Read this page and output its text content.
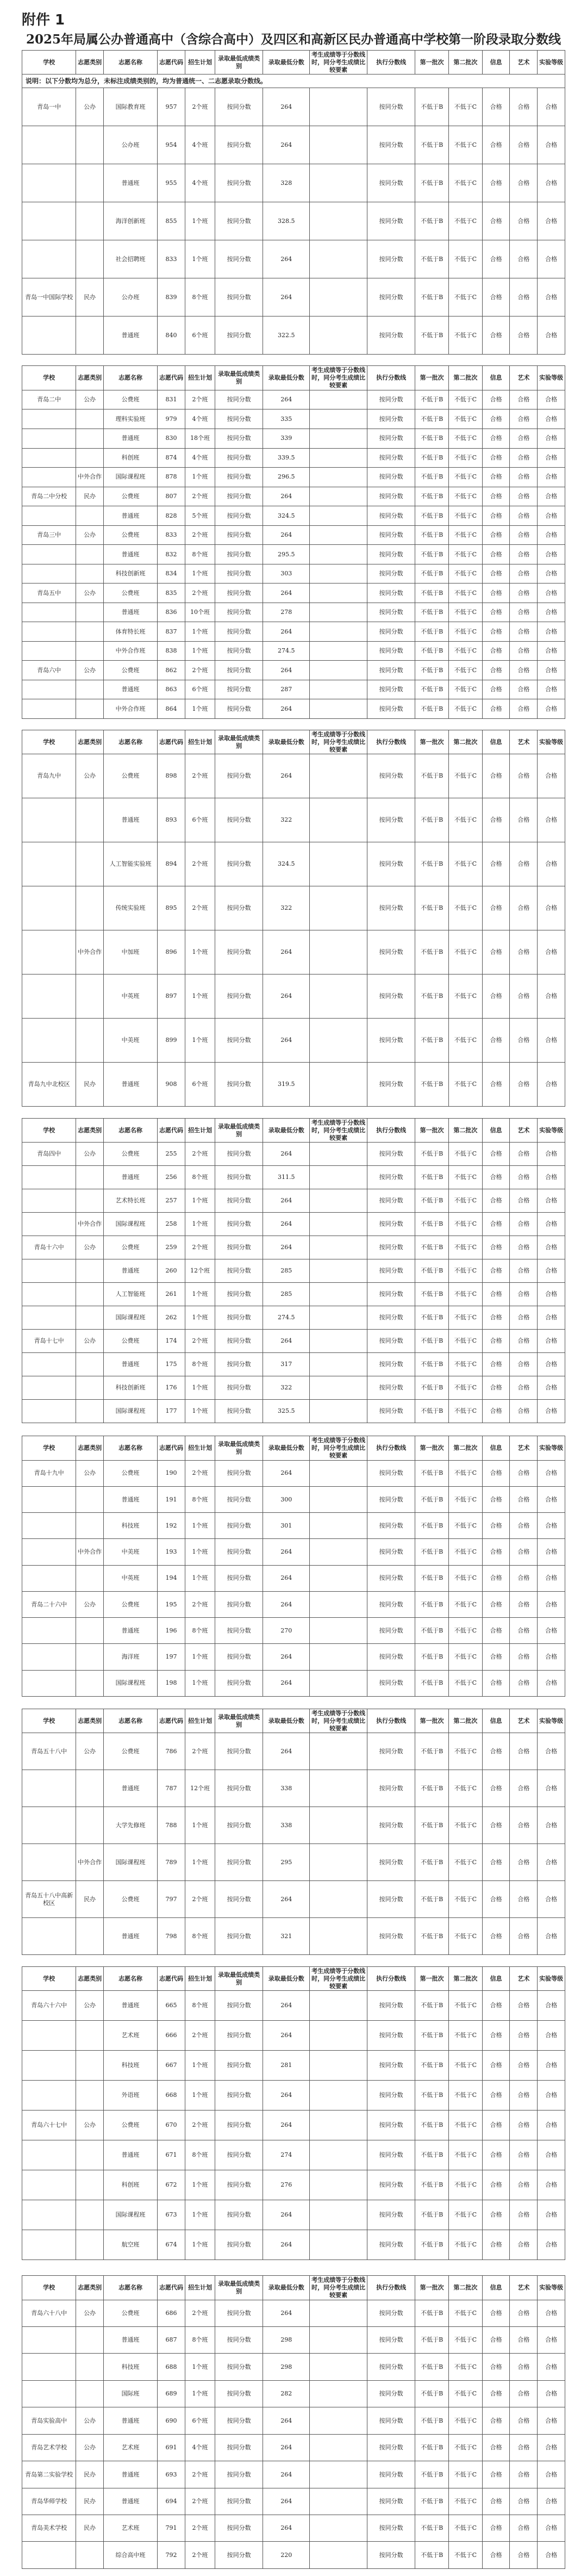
附件 1
2025年局属公办普通高中（含综合高中）及四区和高新区民办普通高中学校第一阶段录取分数线
学校	志愿类别	志愿名称	志愿代码	招生计划	录取最低成绩类别	录取最低分数	考生成绩等于分数线时，同分考生成绩比较要素	执行分数线	第一批次	第二批次	信息	艺术	实验等级
说明：以下分数均为总分，未标注成绩类别的，均为普通统一、二志愿录取分数线。													
青岛一中	公办	国际教育班	957	2个班	按同分数	264		按同分数	不低于B	不低于C	合格	合格	合格
		公办班	954	4个班	按同分数	264		按同分数	不低于B	不低于C	合格	合格	合格
		普通班	955	4个班	按同分数	328		按同分数	不低于B	不低于C	合格	合格	合格
		海洋创新班	855	1个班	按同分数	328.5		按同分数	不低于B	不低于C	合格	合格	合格
		社会招聘班	833	1个班	按同分数	264		按同分数	不低于B	不低于C	合格	合格	合格
青岛一中国际学校	民办	公办班	839	8个班	按同分数	264		按同分数	不低于B	不低于C	合格	合格	合格
		普通班	840	6个班	按同分数	322.5		按同分数	不低于B	不低于C	合格	合格	合格
学校	志愿类别	志愿名称	志愿代码	招生计划	录取最低成绩类别	录取最低分数	考生成绩等于分数线时，同分考生成绩比较要素	执行分数线	第一批次	第二批次	信息	艺术	实验等级
青岛二中	公办	公费班	831	2个班	按同分数	264		按同分数	不低于B	不低于C	合格	合格	合格
		理科实验班	979	4个班	按同分数	335		按同分数	不低于B	不低于C	合格	合格	合格
		普通班	830	18个班	按同分数	339		按同分数	不低于B	不低于C	合格	合格	合格
		科创班	874	4个班	按同分数	339.5		按同分数	不低于B	不低于C	合格	合格	合格
	中外合作	国际课程班	878	1个班	按同分数	296.5		按同分数	不低于B	不低于C	合格	合格	合格
青岛二中分校	民办	公费班	807	2个班	按同分数	264		按同分数	不低于B	不低于C	合格	合格	合格
		普通班	828	5个班	按同分数	324.5		按同分数	不低于B	不低于C	合格	合格	合格
青岛三中	公办	公费班	833	2个班	按同分数	264		按同分数	不低于B	不低于C	合格	合格	合格
		普通班	832	8个班	按同分数	295.5		按同分数	不低于B	不低于C	合格	合格	合格
		科技创新班	834	1个班	按同分数	303		按同分数	不低于B	不低于C	合格	合格	合格
青岛五中	公办	公费班	835	2个班	按同分数	264		按同分数	不低于B	不低于C	合格	合格	合格
		普通班	836	10个班	按同分数	278		按同分数	不低于B	不低于C	合格	合格	合格
		体育特长班	837	1个班	按同分数	264		按同分数	不低于B	不低于C	合格	合格	合格
		中外合作班	838	1个班	按同分数	274.5		按同分数	不低于B	不低于C	合格	合格	合格
青岛六中	公办	公费班	862	2个班	按同分数	264		按同分数	不低于B	不低于C	合格	合格	合格
		普通班	863	6个班	按同分数	287		按同分数	不低于B	不低于C	合格	合格	合格
		中外合作班	864	1个班	按同分数	264		按同分数	不低于B	不低于C	合格	合格	合格
学校	志愿类别	志愿名称	志愿代码	招生计划	录取最低成绩类别	录取最低分数	考生成绩等于分数线时，同分考生成绩比较要素	执行分数线	第一批次	第二批次	信息	艺术	实验等级
青岛九中	公办	公费班	898	2个班	按同分数	264		按同分数	不低于B	不低于C	合格	合格	合格
		普通班	893	6个班	按同分数	322		按同分数	不低于B	不低于C	合格	合格	合格
		人工智能实验班	894	2个班	按同分数	324.5		按同分数	不低于B	不低于C	合格	合格	合格
		传统实验班	895	2个班	按同分数	322		按同分数	不低于B	不低于C	合格	合格	合格
	中外合作	中加班	896	1个班	按同分数	264		按同分数	不低于B	不低于C	合格	合格	合格
		中英班	897	1个班	按同分数	264		按同分数	不低于B	不低于C	合格	合格	合格
		中美班	899	1个班	按同分数	264		按同分数	不低于B	不低于C	合格	合格	合格
青岛九中北校区	民办	普通班	908	6个班	按同分数	319.5		按同分数	不低于B	不低于C	合格	合格	合格
学校	志愿类别	志愿名称	志愿代码	招生计划	录取最低成绩类别	录取最低分数	考生成绩等于分数线时，同分考生成绩比较要素	执行分数线	第一批次	第二批次	信息	艺术	实验等级
青岛四中	公办	公费班	255	2个班	按同分数	264		按同分数	不低于B	不低于C	合格	合格	合格
		普通班	256	8个班	按同分数	311.5		按同分数	不低于B	不低于C	合格	合格	合格
		艺术特长班	257	1个班	按同分数	264		按同分数	不低于B	不低于C	合格	合格	合格
	中外合作	国际课程班	258	1个班	按同分数	264		按同分数	不低于B	不低于C	合格	合格	合格
青岛十六中	公办	公费班	259	2个班	按同分数	264		按同分数	不低于B	不低于C	合格	合格	合格
		普通班	260	12个班	按同分数	285		按同分数	不低于B	不低于C	合格	合格	合格
		人工智能班	261	1个班	按同分数	285		按同分数	不低于B	不低于C	合格	合格	合格
		国际课程班	262	1个班	按同分数	274.5		按同分数	不低于B	不低于C	合格	合格	合格
青岛十七中	公办	公费班	174	2个班	按同分数	264		按同分数	不低于B	不低于C	合格	合格	合格
		普通班	175	8个班	按同分数	317		按同分数	不低于B	不低于C	合格	合格	合格
		科技创新班	176	1个班	按同分数	322		按同分数	不低于B	不低于C	合格	合格	合格
		国际课程班	177	1个班	按同分数	325.5		按同分数	不低于B	不低于C	合格	合格	合格
学校	志愿类别	志愿名称	志愿代码	招生计划	录取最低成绩类别	录取最低分数	考生成绩等于分数线时，同分考生成绩比较要素	执行分数线	第一批次	第二批次	信息	艺术	实验等级
青岛十九中	公办	公费班	190	2个班	按同分数	264		按同分数	不低于B	不低于C	合格	合格	合格
		普通班	191	8个班	按同分数	300		按同分数	不低于B	不低于C	合格	合格	合格
		科技班	192	1个班	按同分数	301		按同分数	不低于B	不低于C	合格	合格	合格
	中外合作	中美班	193	1个班	按同分数	264		按同分数	不低于B	不低于C	合格	合格	合格
		中英班	194	1个班	按同分数	264		按同分数	不低于B	不低于C	合格	合格	合格
青岛二十六中	公办	公费班	195	2个班	按同分数	264		按同分数	不低于B	不低于C	合格	合格	合格
		普通班	196	8个班	按同分数	270		按同分数	不低于B	不低于C	合格	合格	合格
		海洋班	197	1个班	按同分数	264		按同分数	不低于B	不低于C	合格	合格	合格
		国际课程班	198	1个班	按同分数	264		按同分数	不低于B	不低于C	合格	合格	合格
学校	志愿类别	志愿名称	志愿代码	招生计划	录取最低成绩类别	录取最低分数	考生成绩等于分数线时，同分考生成绩比较要素	执行分数线	第一批次	第二批次	信息	艺术	实验等级
青岛五十八中	公办	公费班	786	2个班	按同分数	264		按同分数	不低于B	不低于C	合格	合格	合格
		普通班	787	12个班	按同分数	338		按同分数	不低于B	不低于C	合格	合格	合格
		大学先修班	788	1个班	按同分数	338		按同分数	不低于B	不低于C	合格	合格	合格
	中外合作	国际课程班	789	1个班	按同分数	295		按同分数	不低于B	不低于C	合格	合格	合格
青岛五十八中高新校区	民办	公费班	797	2个班	按同分数	264		按同分数	不低于B	不低于C	合格	合格	合格
		普通班	798	8个班	按同分数	321		按同分数	不低于B	不低于C	合格	合格	合格
学校	志愿类别	志愿名称	志愿代码	招生计划	录取最低成绩类别	录取最低分数	考生成绩等于分数线时，同分考生成绩比较要素	执行分数线	第一批次	第二批次	信息	艺术	实验等级
青岛六十六中	公办	普通班	665	8个班	按同分数	264		按同分数	不低于B	不低于C	合格	合格	合格
		艺术班	666	2个班	按同分数	264		按同分数	不低于B	不低于C	合格	合格	合格
		科技班	667	1个班	按同分数	281		按同分数	不低于B	不低于C	合格	合格	合格
		外语班	668	1个班	按同分数	264		按同分数	不低于B	不低于C	合格	合格	合格
青岛六十七中	公办	公费班	670	2个班	按同分数	264		按同分数	不低于B	不低于C	合格	合格	合格
		普通班	671	8个班	按同分数	274		按同分数	不低于B	不低于C	合格	合格	合格
		科创班	672	1个班	按同分数	276		按同分数	不低于B	不低于C	合格	合格	合格
		国际课程班	673	1个班	按同分数	264		按同分数	不低于B	不低于C	合格	合格	合格
		航空班	674	1个班	按同分数	264		按同分数	不低于B	不低于C	合格	合格	合格
学校	志愿类别	志愿名称	志愿代码	招生计划	录取最低成绩类别	录取最低分数	考生成绩等于分数线时，同分考生成绩比较要素	执行分数线	第一批次	第二批次	信息	艺术	实验等级
青岛六十八中	公办	公费班	686	2个班	按同分数	264		按同分数	不低于B	不低于C	合格	合格	合格
		普通班	687	8个班	按同分数	298		按同分数	不低于B	不低于C	合格	合格	合格
		科技班	688	1个班	按同分数	298		按同分数	不低于B	不低于C	合格	合格	合格
		国际班	689	1个班	按同分数	282		按同分数	不低于B	不低于C	合格	合格	合格
青岛实验高中	公办	普通班	690	6个班	按同分数	264		按同分数	不低于B	不低于C	合格	合格	合格
青岛艺术学校	公办	艺术班	691	4个班	按同分数	264		按同分数	不低于B	不低于C	合格	合格	合格
青岛第二实验学校	民办	普通班	693	2个班	按同分数	264		按同分数	不低于B	不低于C	合格	合格	合格
青岛华师学校	民办	普通班	694	2个班	按同分数	264		按同分数	不低于B	不低于C	合格	合格	合格
青岛美术学校	民办	艺术班	791	2个班	按同分数	264		按同分数	不低于B	不低于C	合格	合格	合格
		综合高中班	792	2个班	按同分数	220		按同分数	不低于B	不低于C	合格	合格	合格
